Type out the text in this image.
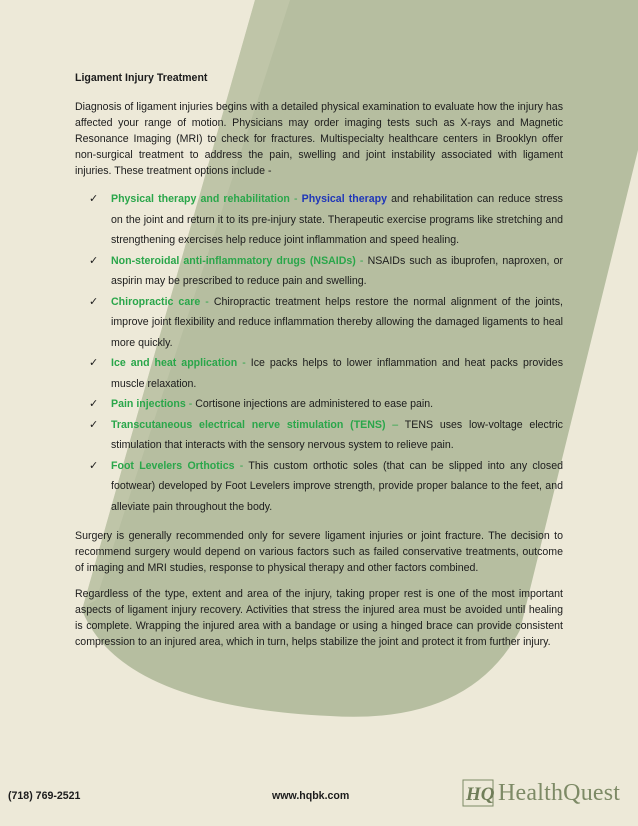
Ligament Injury Treatment

Diagnosis of ligament injuries begins with a detailed physical examination to evaluate how the injury has affected your range of motion. Physicians may order imaging tests such as X-rays and Magnetic Resonance Imaging (MRI) to check for fractures. Multispecialty healthcare centers in Brooklyn offer non-surgical treatment to address the pain, swelling and joint instability associated with ligament injuries. These treatment options include -

✓ Physical therapy and rehabilitation - Physical therapy and rehabilitation can reduce stress on the joint and return it to its pre-injury state. Therapeutic exercise programs like stretching and strengthening exercises help reduce joint inflammation and speed healing.
✓ Non-steroidal anti-inflammatory drugs (NSAIDs) - NSAIDs such as ibuprofen, naproxen, or aspirin may be prescribed to reduce pain and swelling.
✓ Chiropractic care - Chiropractic treatment helps restore the normal alignment of the joints, improve joint flexibility and reduce inflammation thereby allowing the damaged ligaments to heal more quickly.
✓ Ice and heat application - Ice packs helps to lower inflammation and heat packs provides muscle relaxation.
✓ Pain injections - Cortisone injections are administered to ease pain.
✓ Transcutaneous electrical nerve stimulation (TENS) – TENS uses low-voltage electric stimulation that interacts with the sensory nervous system to relieve pain.
✓ Foot Levelers Orthotics - This custom orthotic soles (that can be slipped into any closed footwear) developed by Foot Levelers improve strength, provide proper balance to the feet, and alleviate pain throughout the body.

Surgery is generally recommended only for severe ligament injuries or joint fracture. The decision to recommend surgery would depend on various factors such as failed conservative treatments, outcome of imaging and MRI studies, response to physical therapy and other factors combined.

Regardless of the type, extent and area of the injury, taking proper rest is one of the most important aspects of ligament injury recovery. Activities that stress the injured area must be avoided until healing is complete. Wrapping the injured area with a bandage or using a hinged brace can provide consistent compression to an injured area, which in turn, helps stabilize the joint and protect it from further injury.

(718) 769-2521	www.hqbk.com	HQ HealthQuest
